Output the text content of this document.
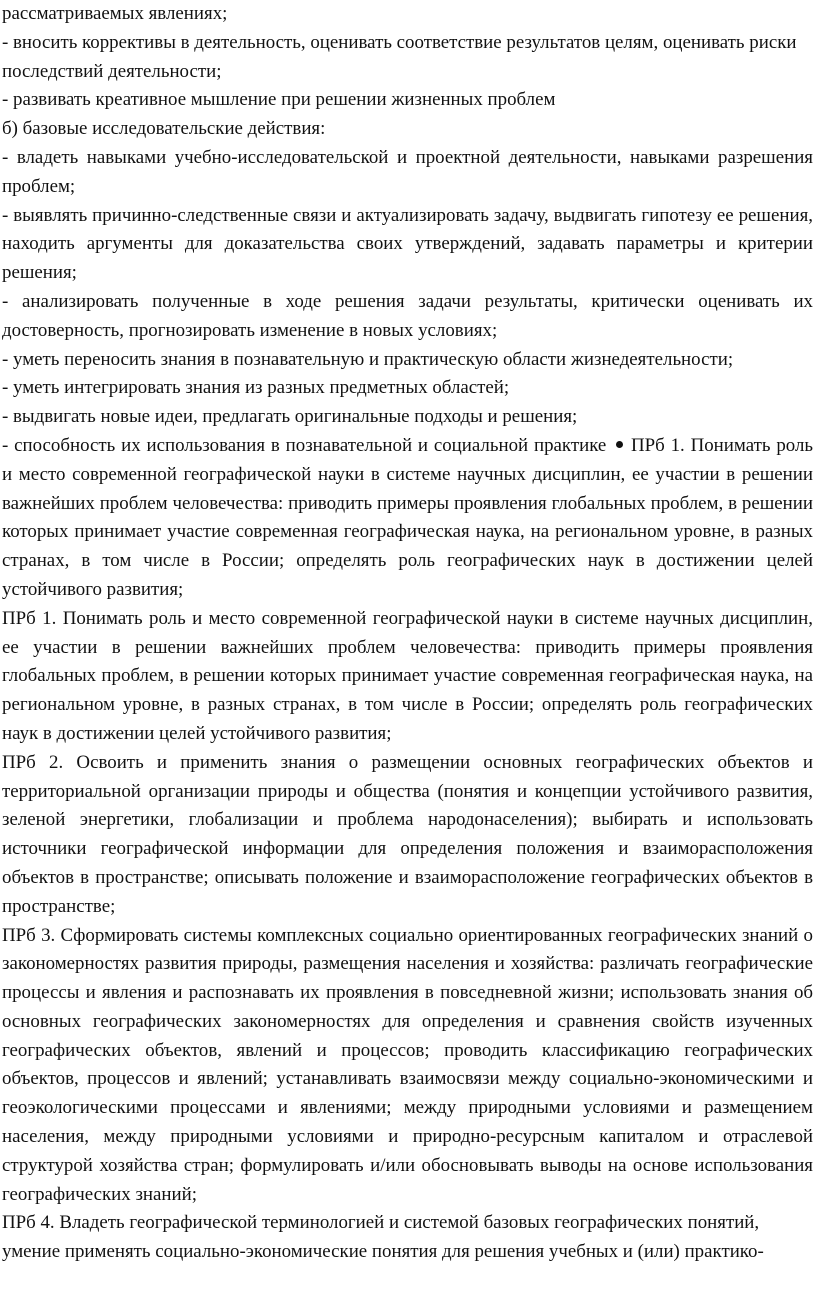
рассматриваемых явлениях;

- вносить коррективы в деятельность, оценивать соответствие результатов целям, оценивать риски последствий деятельности;

- развивать креативное мышление при решении жизненных проблем

б) базовые исследовательские действия:

- владеть навыками учебно-исследовательской и проектной деятельности, навыками разрешения проблем;

- выявлять причинно-следственные связи и актуализировать задачу, выдвигать гипотезу ее решения, находить аргументы для доказательства своих утверждений, задавать параметры и критерии решения;

- анализировать полученные в ходе решения задачи результаты, критически оценивать их достоверность, прогнозировать изменение в новых условиях;

- уметь переносить знания в познавательную и практическую области жизнедеятельности;

- уметь интегрировать знания из разных предметных областей;

- выдвигать новые идеи, предлагать оригинальные подходы и решения;

- способность их использования в познавательной и социальной практике ПРб 1. Понимать роль и место современной географической науки в системе научных дисциплин, ее участии в решении важнейших проблем человечества: приводить примеры проявления глобальных проблем, в решении которых принимает участие современная географическая наука, на региональном уровне, в разных странах, в том числе в России; определять роль географических наук в достижении целей устойчивого развития;

ПРб 1. Понимать роль и место современной географической науки в системе научных дисциплин, ее участии в решении важнейших проблем человечества: приводить примеры проявления глобальных проблем, в решении которых принимает участие современная географическая наука, на региональном уровне, в разных странах, в том числе в России; определять роль географических наук в достижении целей устойчивого развития;

ПРб 2. Освоить и применить знания о размещении основных географических объектов и территориальной организации природы и общества (понятия и концепции устойчивого развития, зеленой энергетики, глобализации и проблема народонаселения); выбирать и использовать источники географической информации для определения положения и взаиморасположения объектов в пространстве; описывать положение и взаиморасположение географических объектов в пространстве;

ПРб 3. Сформировать системы комплексных социально ориентированных географических знаний о закономерностях развития природы, размещения населения и хозяйства: различать географические процессы и явления и распознавать их проявления в повседневной жизни; использовать знания об основных географических закономерностях для определения и сравнения свойств изученных географических объектов, явлений и процессов; проводить классификацию географических объектов, процессов и явлений; устанавливать взаимосвязи между социально-экономическими и геоэкологическими процессами и явлениями; между природными условиями и размещением населения, между природными условиями и природно-ресурсным капиталом и отраслевой структурой хозяйства стран; формулировать и/или обосновывать выводы на основе использования географических знаний;

ПРб 4. Владеть географической терминологией и системой базовых географических понятий, умение применять социально-экономические понятия для решения учебных и (или) практико-
